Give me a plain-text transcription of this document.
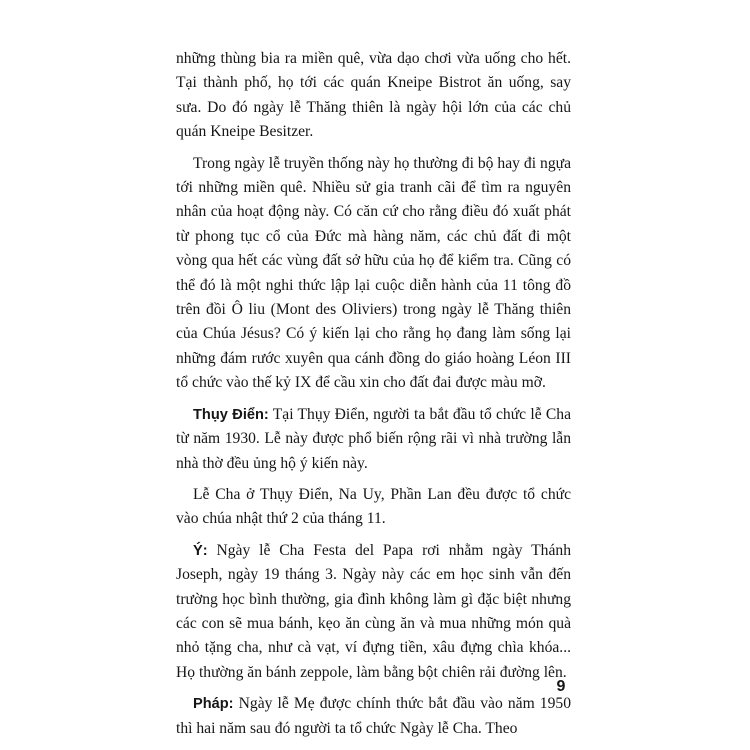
những thùng bia ra miền quê, vừa dạo chơi vừa uống cho hết. Tại thành phố, họ tới các quán Kneipe Bistrot ăn uống, say sưa. Do đó ngày lễ Thăng thiên là ngày hội lớn của các chủ quán Kneipe Besitzer.

Trong ngày lễ truyền thống này họ thường đi bộ hay đi ngựa tới những miền quê. Nhiều sử gia tranh cãi để tìm ra nguyên nhân của hoạt động này. Có căn cứ cho rằng điều đó xuất phát từ phong tục cổ của Đức mà hàng năm, các chủ đất đi một vòng qua hết các vùng đất sở hữu của họ để kiểm tra. Cũng có thể đó là một nghi thức lập lại cuộc diễn hành của 11 tông đồ trên đồi Ô liu (Mont des Oliviers) trong ngày lễ Thăng thiên của Chúa Jésus? Có ý kiến lại cho rằng họ đang làm sống lại những đám rước xuyên qua cánh đồng do giáo hoàng Léon III tổ chức vào thế kỷ IX để cầu xin cho đất đai được màu mỡ.

Thụy Điển: Tại Thụy Điển, người ta bắt đầu tổ chức lễ Cha từ năm 1930. Lễ này được phổ biến rộng rãi vì nhà trường lẫn nhà thờ đều ủng hộ ý kiến này.

Lễ Cha ở Thụy Điển, Na Uy, Phần Lan đều được tổ chức vào chúa nhật thứ 2 của tháng 11.

Ý: Ngày lễ Cha Festa del Papa rơi nhằm ngày Thánh Joseph, ngày 19 tháng 3. Ngày này các em học sinh vẫn đến trường học bình thường, gia đình không làm gì đặc biệt nhưng các con sẽ mua bánh, kẹo ăn cùng ăn và mua những món quà nhỏ tặng cha, như cà vạt, ví đựng tiền, xâu đựng chìa khóa... Họ thường ăn bánh zeppole, làm bằng bột chiên rải đường lên.

Pháp: Ngày lễ Mẹ được chính thức bắt đầu vào năm 1950 thì hai năm sau đó người ta tổ chức Ngày lễ Cha. Theo

9
